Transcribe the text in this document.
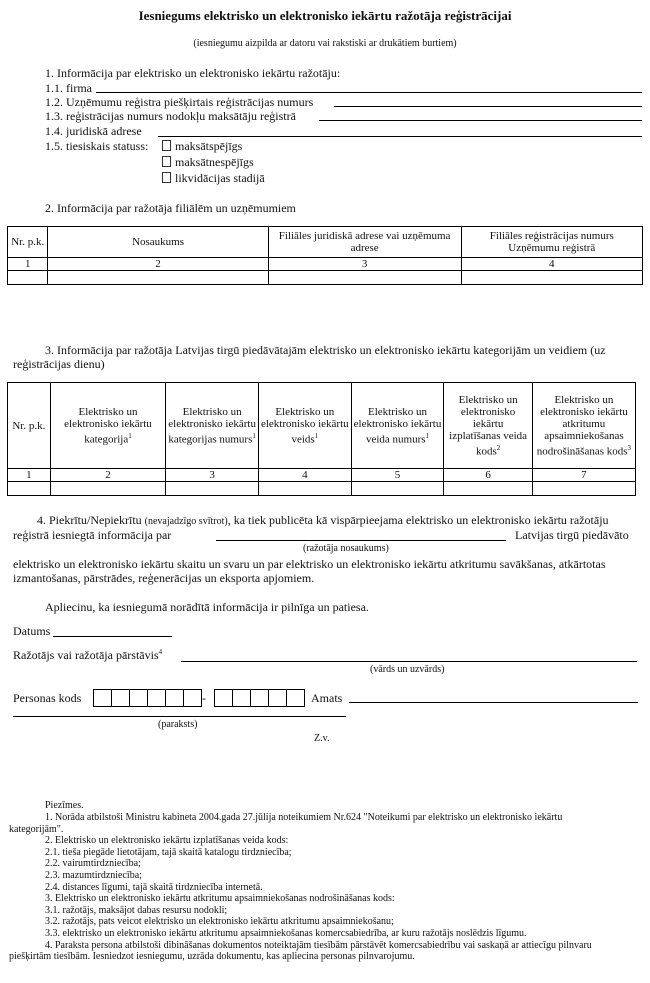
Iesniegums elektrisko un elektronisko iekārtu ražotāja reģistrācijai
(iesniegumu aizpilda ar datoru vai rakstiski ar drukātiem burtiem)
1. Informācija par elektrisko un elektronisko iekārtu ražotāju:
1.1. firma
1.2. Uzņēmumu reģistra piešķirtais reģistrācijas numurs
1.3. reģistrācijas numurs nodokļu maksātāju reģistrā
1.4. juridiskā adrese
1.5. tiesiskais statuss:	maksātspējīgs
maksātnespējīgs
likvidācijas stadijā
2. Informācija par ražotāja filiālēm un uzņēmumiem
Nr. p.k.	Nosaukums	Filiāles juridiskā adrese vai uzņēmuma adrese	Filiāles reģistrācijas numurs Uzņēmumu reģistrā
1	2	3	4

3. Informācija par ražotāja Latvijas tirgū piedāvātajām elektrisko un elektronisko iekārtu kategorijām un veidiem (uz
reģistrācijas dienu)
Nr. p.k.	Elektrisko un elektronisko iekārtu kategorija$^1$	Elektrisko un elektronisko iekārtu kategorijas numurs$^1$	Elektrisko un elektronisko iekārtu veids$^1$	Elektrisko un elektronisko iekārtu veida numurs$^1$	Elektrisko un elektronisko iekārtu izplatīšanas veida kods$^2$	Elektrisko un elektronisko iekārtu atkritumu apsaimniekošanas nodrošināšanas kods$^3$
1	2	3	4	5	6	7

4. Piekrītu/Nepiekrītu (nevajadzīgo svītrot), ka tiek publicēta kā vispārpieejama elektrisko un elektronisko iekārtu ražotāju
reģistrā iesniegtā informācija par	Latvijas tirgū piedāvāto
(ražotāja nosaukums)
elektrisko un elektronisko iekārtu skaitu un svaru un par elektrisko un elektronisko iekārtu atkritumu savākšanas, atkārtotas
izmantošanas, pārstrādes, reģenerācijas un eksporta apjomiem.
Apliecinu, ka iesniegumā norādītā informācija ir pilnīga un patiesa.
Datums
Ražotājs vai ražotāja pārstāvis$^4$
(vārds un uzvārds)
Personas kods	-	Amats
(paraksts)
Z.v.
Piezīmes.
1. Norāda atbilstoši Ministru kabineta 2004.gada 27.jūlija noteikumiem Nr.624 "Noteikumi par elektrisko un elektronisko iekārtu
kategorijām".
2. Elektrisko un elektronisko iekārtu izplatīšanas veida kods:
2.1. tieša piegāde lietotājam, tajā skaitā katalogu tirdzniecība;
2.2. vairumtirdzniecība;
2.3. mazumtirdzniecība;
2.4. distances līgumi, tajā skaitā tirdzniecība internetā.
3. Elektrisko un elektronisko iekārtu atkritumu apsaimniekošanas nodrošināšanas kods:
3.1. ražotājs, maksājot dabas resursu nodokli;
3.2. ražotājs, pats veicot elektrisko un elektronisko iekārtu atkritumu apsaimniekošanu;
3.3. elektrisko un elektronisko iekārtu atkritumu apsaimniekošanas komercsabiedrība, ar kuru ražotājs noslēdzis līgumu.
4. Paraksta persona atbilstoši dibināšanas dokumentos noteiktajām tiesībām pārstāvēt komercsabiedrību vai saskaņā ar attiecīgu pilnvaru
piešķirtām tiesībām. Iesniedzot iesniegumu, uzrāda dokumentu, kas apliecina personas pilnvarojumu.
